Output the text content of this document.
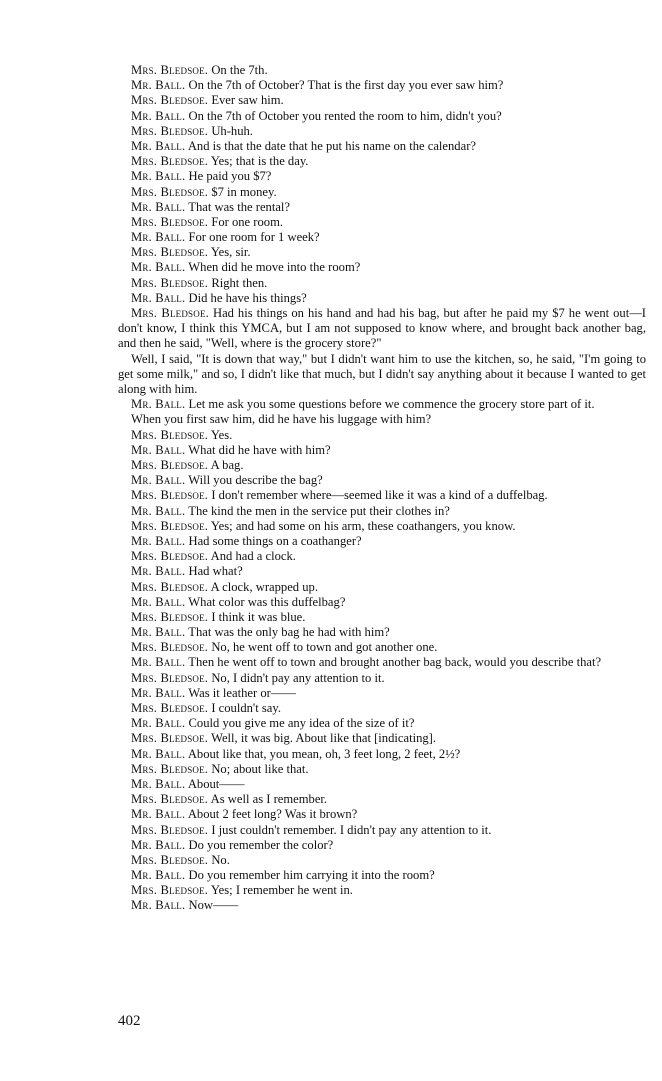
Mrs. Bledsoe. On the 7th.
Mr. Ball. On the 7th of October? That is the first day you ever saw him?
Mrs. Bledsoe. Ever saw him.
Mr. Ball. On the 7th of October you rented the room to him, didn't you?
Mrs. Bledsoe. Uh-huh.
Mr. Ball. And is that the date that he put his name on the calendar?
Mrs. Bledsoe. Yes; that is the day.
Mr. Ball. He paid you $7?
Mrs. Bledsoe. $7 in money.
Mr. Ball. That was the rental?
Mrs. Bledsoe. For one room.
Mr. Ball. For one room for 1 week?
Mrs. Bledsoe. Yes, sir.
Mr. Ball. When did he move into the room?
Mrs. Bledsoe. Right then.
Mr. Ball. Did he have his things?
Mrs. Bledsoe. Had his things on his hand and had his bag, but after he paid my $7 he went out—I don't know, I think this YMCA, but I am not supposed to know where, and brought back another bag, and then he said, "Well, where is the grocery store?"
Well, I said, "It is down that way," but I didn't want him to use the kitchen, so, he said, "I'm going to get some milk," and so, I didn't like that much, but I didn't say anything about it because I wanted to get along with him.
Mr. Ball. Let me ask you some questions before we commence the grocery store part of it.
When you first saw him, did he have his luggage with him?
Mrs. Bledsoe. Yes.
Mr. Ball. What did he have with him?
Mrs. Bledsoe. A bag.
Mr. Ball. Will you describe the bag?
Mrs. Bledsoe. I don't remember where—seemed like it was a kind of a duffelbag.
Mr. Ball. The kind the men in the service put their clothes in?
Mrs. Bledsoe. Yes; and had some on his arm, these coathangers, you know.
Mr. Ball. Had some things on a coathanger?
Mrs. Bledsoe. And had a clock.
Mr. Ball. Had what?
Mrs. Bledsoe. A clock, wrapped up.
Mr. Ball. What color was this duffelbag?
Mrs. Bledsoe. I think it was blue.
Mr. Ball. That was the only bag he had with him?
Mrs. Bledsoe. No, he went off to town and got another one.
Mr. Ball. Then he went off to town and brought another bag back, would you describe that?
Mrs. Bledsoe. No, I didn't pay any attention to it.
Mr. Ball. Was it leather or——
Mrs. Bledsoe. I couldn't say.
Mr. Ball. Could you give me any idea of the size of it?
Mrs. Bledsoe. Well, it was big. About like that [indicating].
Mr. Ball. About like that, you mean, oh, 3 feet long, 2 feet, 2½?
Mrs. Bledsoe. No; about like that.
Mr. Ball. About——
Mrs. Bledsoe. As well as I remember.
Mr. Ball. About 2 feet long? Was it brown?
Mrs. Bledsoe. I just couldn't remember. I didn't pay any attention to it.
Mr. Ball. Do you remember the color?
Mrs. Bledsoe. No.
Mr. Ball. Do you remember him carrying it into the room?
Mrs. Bledsoe. Yes; I remember he went in.
Mr. Ball. Now——
402
